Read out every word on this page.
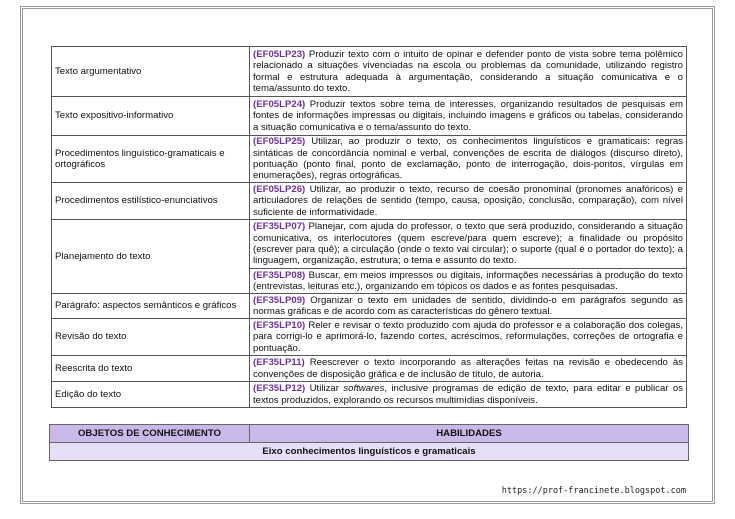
Texto argumentativo	(EF05LP23) Produzir texto com o intuito de opinar e defender ponto de vista sobre tema polêmico relacionado a situações vivenciadas na escola ou problemas da comunidade, utilizando registro formal e estrutura adequada à argumentação, considerando a situação comunicativa e o tema/assunto do texto.
Texto expositivo-informativo	(EF05LP24) Produzir textos sobre tema de interesses, organizando resultados de pesquisas em fontes de informações impressas ou digitais, incluindo imagens e gráficos ou tabelas, considerando a situação comunicativa e o tema/assunto do texto.
Procedimentos linguístico-gramaticais e ortográficos	(EF05LP25) Utilizar, ao produzir o texto, os conhecimentos linguísticos e gramaticais: regras sintáticas de concordância nominal e verbal, convenções de escrita de diálogos (discurso direto), pontuação (ponto final, ponto de exclamação, ponto de interrogação, dois-pontos, vírgulas em enumerações), regras ortográficas.
Procedimentos estilístico-enunciativos	(EF05LP26) Utilizar, ao produzir o texto, recurso de coesão pronominal (pronomes anafóricos) e articuladores de relações de sentido (tempo, causa, oposição, conclusão, comparação), com nível suficiente de informatividade.
Planejamento do texto	(EF35LP07) Planejar, com ajuda do professor, o texto que será produzido, considerando a situação comunicativa, os interlocutores (quem escreve/para quem escreve); a finalidade ou propósito (escrever para quê); a circulação (onde o texto vai circular); o suporte (qual é o portador do texto); a linguagem, organização, estrutura; o tema e assunto do texto.
	(EF35LP08) Buscar, em meios impressos ou digitais, informações necessárias à produção do texto (entrevistas, leituras etc.), organizando em tópicos os dados e as fontes pesquisadas.
Parágrafo: aspectos semânticos e gráficos	(EF35LP09) Organizar o texto em unidades de sentido, dividindo-o em parágrafos segundo as normas gráficas e de acordo com as características do gênero textual.
Revisão do texto	(EF35LP10) Reler e revisar o texto produzido com ajuda do professor e a colaboração dos colegas, para corrigi-lo e aprimorá-lo, fazendo cortes, acréscimos, reformulações, correções de ortografia e pontuação.
Reescrita do texto	(EF35LP11) Reescrever o texto incorporando as alterações feitas na revisão e obedecendo às convenções de disposição gráfica e de inclusão de título, de autoria.
Edição do texto	(EF35LP12) Utilizar softwares, inclusive programas de edição de texto, para editar e publicar os textos produzidos, explorando os recursos multimídias disponíveis.
OBJETOS DE CONHECIMENTO	HABILIDADES
Eixo conhecimentos linguísticos e gramaticais
https://prof-francinete.blogspot.com
